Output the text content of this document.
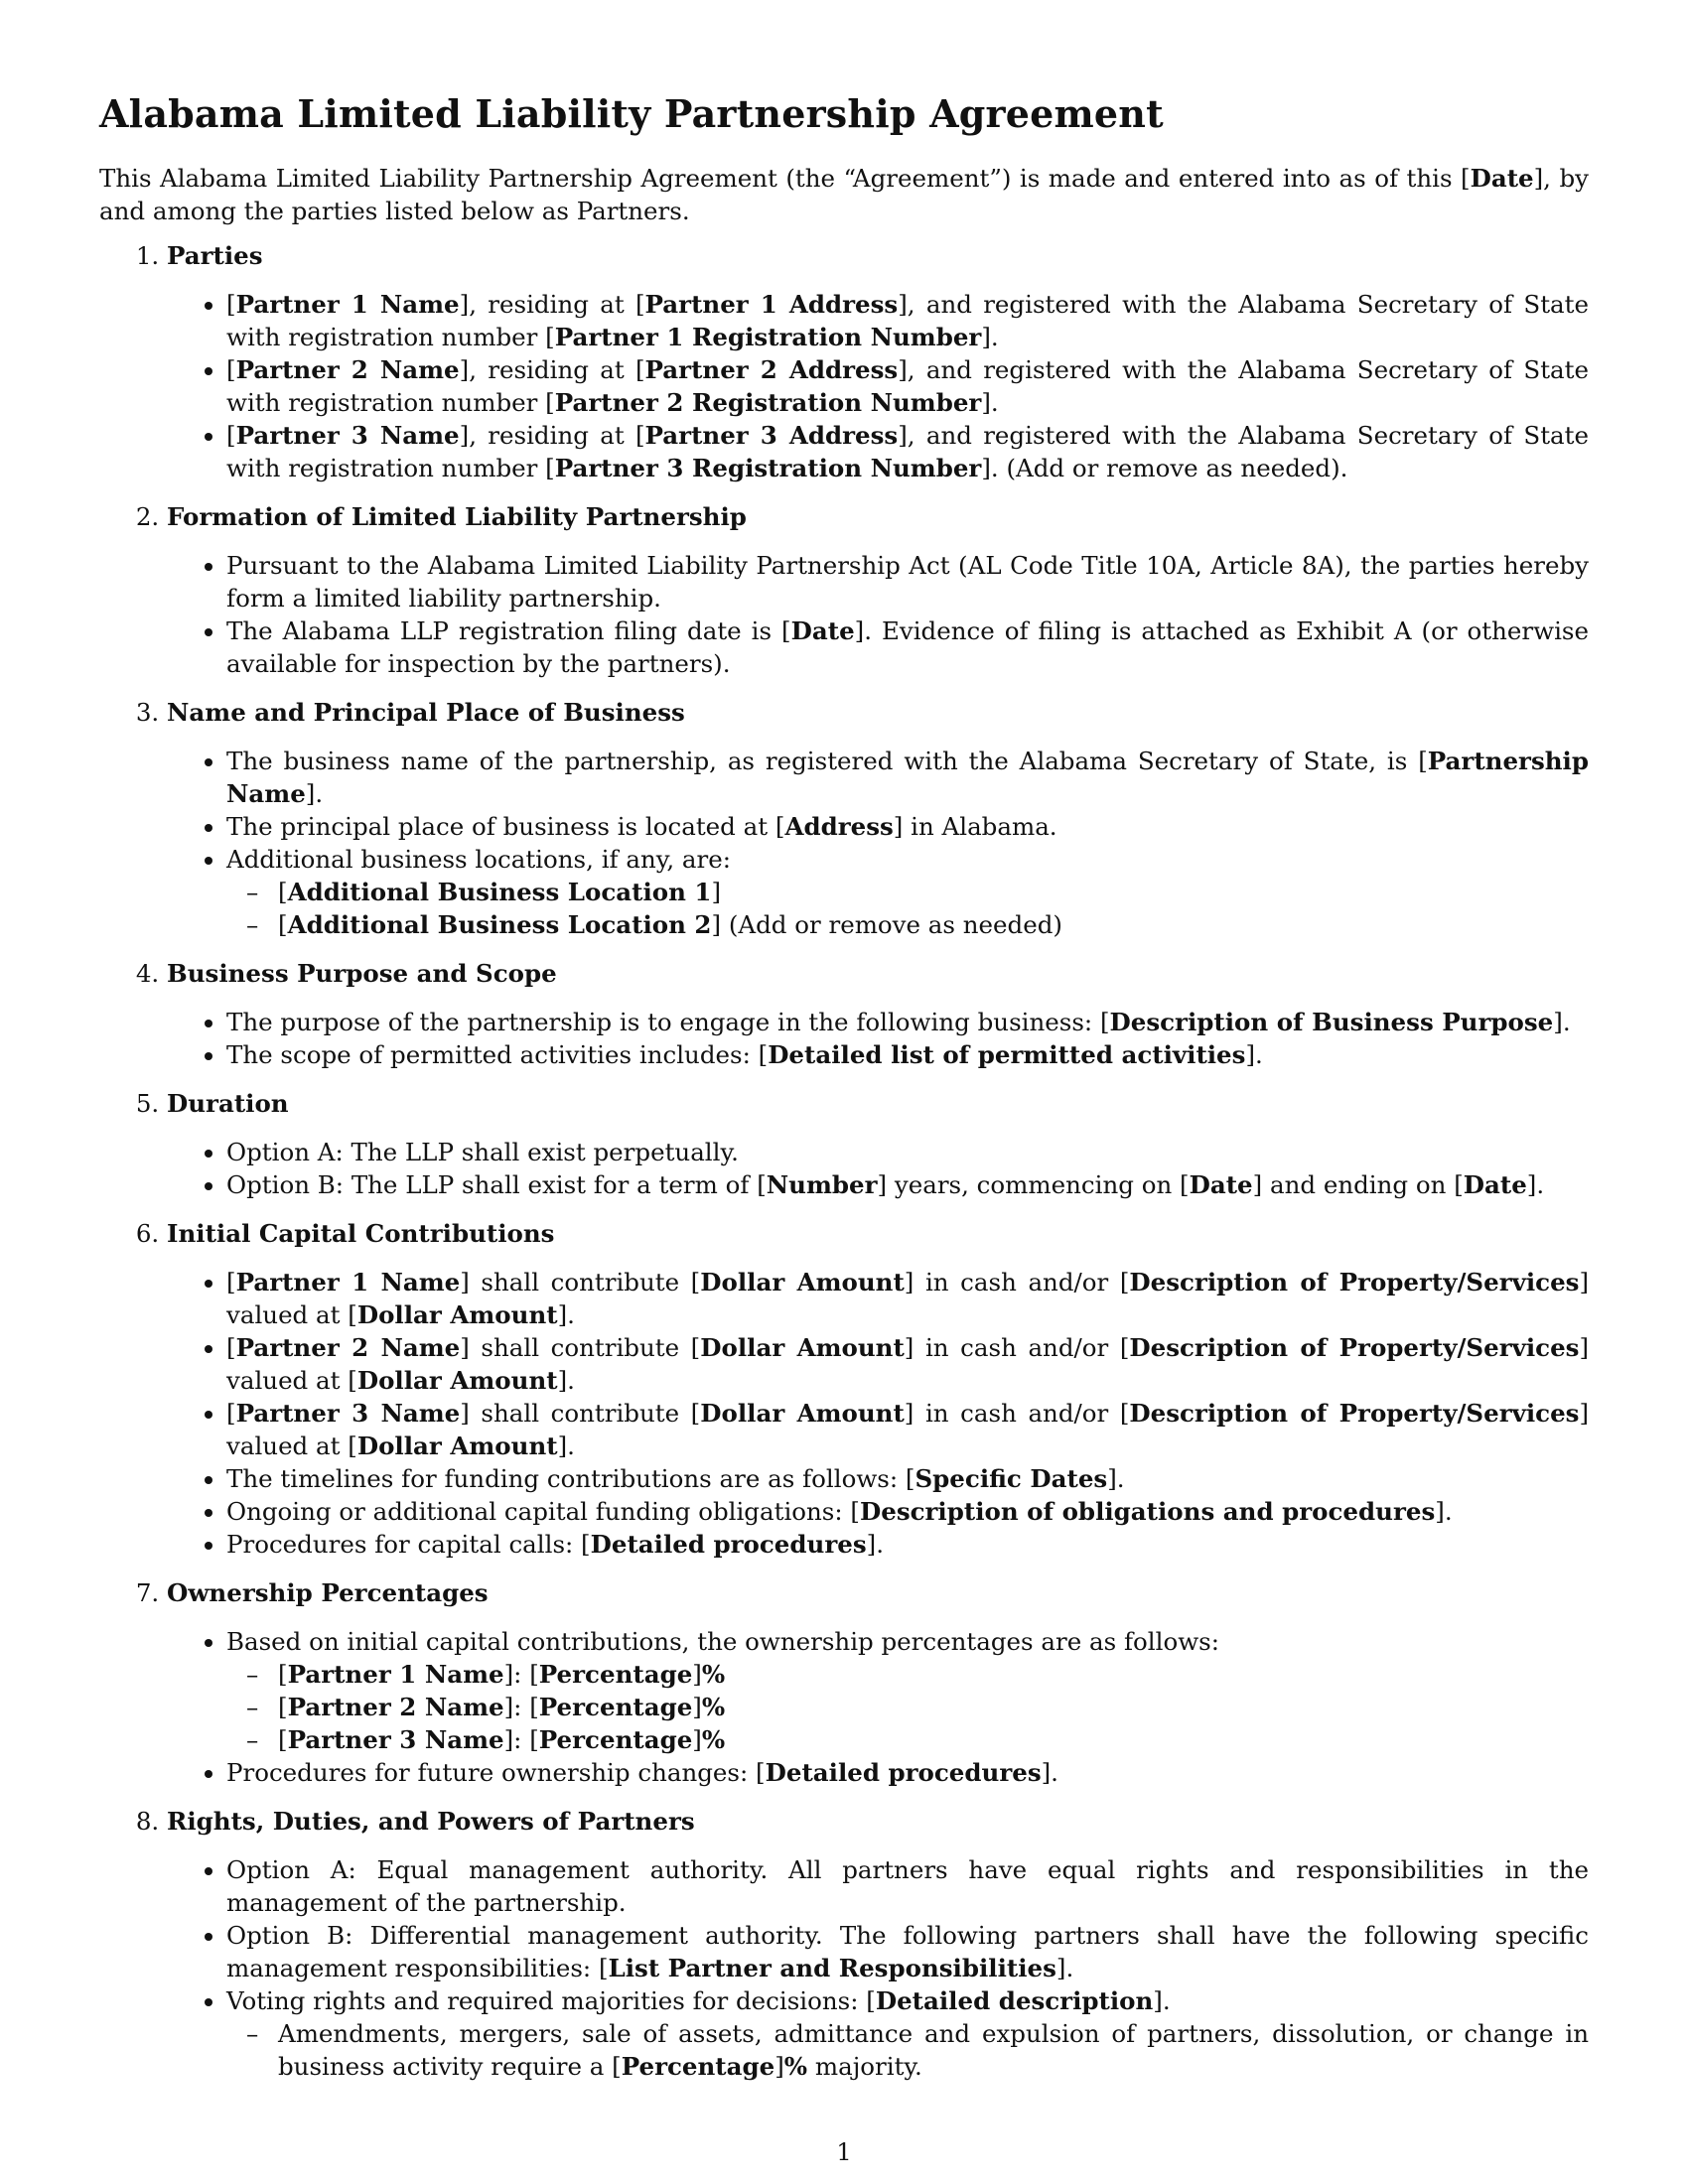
Alabama Limited Liability Partnership Agreement

This Alabama Limited Liability Partnership Agreement (the “Agreement”) is made and entered into as of this [Date], by and among the parties listed below as Partners.

1. Parties
• [Partner 1 Name], residing at [Partner 1 Address], and registered with the Alabama Secretary of State with registration number [Partner 1 Registration Number].
• [Partner 2 Name], residing at [Partner 2 Address], and registered with the Alabama Secretary of State with registration number [Partner 2 Registration Number].
• [Partner 3 Name], residing at [Partner 3 Address], and registered with the Alabama Secretary of State with registration number [Partner 3 Registration Number]. (Add or remove as needed).
2. Formation of Limited Liability Partnership
• Pursuant to the Alabama Limited Liability Partnership Act (AL Code Title 10A, Article 8A), the parties hereby form a limited liability partnership.
• The Alabama LLP registration filing date is [Date]. Evidence of filing is attached as Exhibit A (or otherwise available for inspection by the partners).
3. Name and Principal Place of Business
• The business name of the partnership, as registered with the Alabama Secretary of State, is [Partnership Name].
• The principal place of business is located at [Address] in Alabama.
• Additional business locations, if any, are:
– [Additional Business Location 1]
– [Additional Business Location 2] (Add or remove as needed)
4. Business Purpose and Scope
• The purpose of the partnership is to engage in the following business: [Description of Business Purpose].
• The scope of permitted activities includes: [Detailed list of permitted activities].
5. Duration
• Option A: The LLP shall exist perpetually.
• Option B: The LLP shall exist for a term of [Number] years, commencing on [Date] and ending on [Date].
6. Initial Capital Contributions
• [Partner 1 Name] shall contribute [Dollar Amount] in cash and/or [Description of Property/Services] valued at [Dollar Amount].
• [Partner 2 Name] shall contribute [Dollar Amount] in cash and/or [Description of Property/Services] valued at [Dollar Amount].
• [Partner 3 Name] shall contribute [Dollar Amount] in cash and/or [Description of Property/Services] valued at [Dollar Amount].
• The timelines for funding contributions are as follows: [Specific Dates].
• Ongoing or additional capital funding obligations: [Description of obligations and procedures].
• Procedures for capital calls: [Detailed procedures].
7. Ownership Percentages
• Based on initial capital contributions, the ownership percentages are as follows:
– [Partner 1 Name]: [Percentage]%
– [Partner 2 Name]: [Percentage]%
– [Partner 3 Name]: [Percentage]%
• Procedures for future ownership changes: [Detailed procedures].
8. Rights, Duties, and Powers of Partners
• Option A: Equal management authority. All partners have equal rights and responsibilities in the management of the partnership.
• Option B: Differential management authority. The following partners shall have the following specific management responsibilities: [List Partner and Responsibilities].
• Voting rights and required majorities for decisions: [Detailed description].
– Amendments, mergers, sale of assets, admittance and expulsion of partners, dissolution, or change in business activity require a [Percentage]% majority.
1
